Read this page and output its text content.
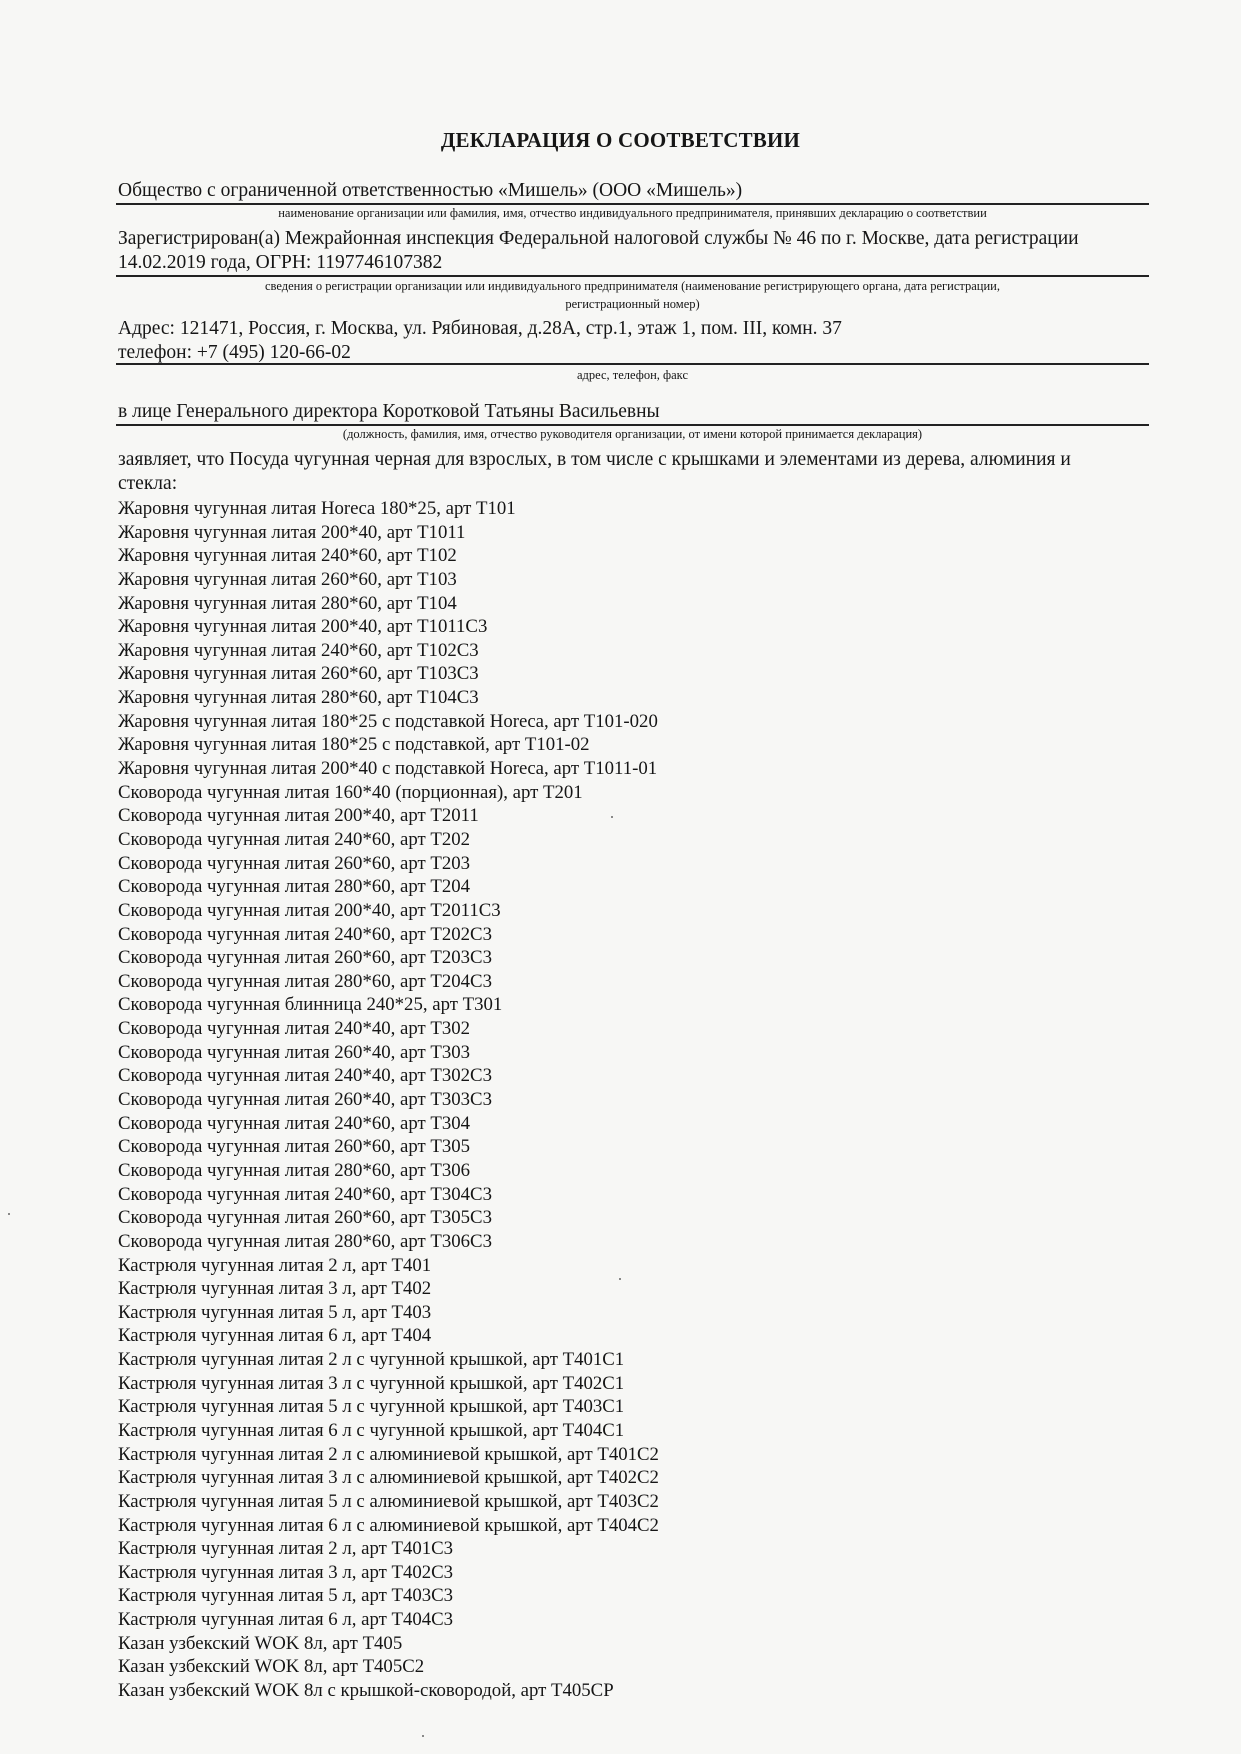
ДЕКЛАРАЦИЯ О СООТВЕТСТВИИ
Общество с ограниченной ответственностью «Мишель» (ООО «Мишель»)
наименование организации или фамилия, имя, отчество индивидуального предпринимателя, принявших декларацию о соответствии
Зарегистрирован(а) Межрайонная инспекция Федеральной налоговой службы № 46 по г. Москве, дата регистрации
14.02.2019 года, ОГРН: 1197746107382
сведения о регистрации организации или индивидуального предпринимателя (наименование регистрирующего органа, дата регистрации,
регистрационный номер)
Адрес: 121471, Россия, г. Москва, ул. Рябиновая, д.28А, стр.1, этаж 1, пом. III, комн. 37
телефон: +7 (495) 120-66-02
адрес, телефон, факс
в лице Генерального директора Коротковой Татьяны Васильевны
(должность, фамилия, имя, отчество руководителя организации, от имени которой принимается декларация)
заявляет, что Посуда чугунная черная для взрослых, в том числе с крышками и элементами из дерева, алюминия и
стекла:
Жаровня чугунная литая Horeca 180*25, арт T101
Жаровня чугунная литая 200*40, арт T1011
Жаровня чугунная литая 240*60, арт T102
Жаровня чугунная литая 260*60, арт T103
Жаровня чугунная литая 280*60, арт T104
Жаровня чугунная литая 200*40, арт T1011C3
Жаровня чугунная литая 240*60, арт T102C3
Жаровня чугунная литая 260*60, арт T103C3
Жаровня чугунная литая 280*60, арт T104C3
Жаровня чугунная литая 180*25 с подставкой Horeca, арт T101-020
Жаровня чугунная литая 180*25 с подставкой, арт T101-02
Жаровня чугунная литая 200*40 с подставкой Horeca, арт T1011-01
Сковорода чугунная литая 160*40 (порционная), арт T201
Сковорода чугунная литая 200*40, арт T2011
Сковорода чугунная литая 240*60, арт T202
Сковорода чугунная литая 260*60, арт T203
Сковорода чугунная литая 280*60, арт T204
Сковорода чугунная литая 200*40, арт T2011C3
Сковорода чугунная литая 240*60, арт T202C3
Сковорода чугунная литая 260*60, арт T203C3
Сковорода чугунная литая 280*60, арт T204C3
Сковорода чугунная блинница 240*25, арт T301
Сковорода чугунная литая 240*40, арт T302
Сковорода чугунная литая 260*40, арт T303
Сковорода чугунная литая 240*40, арт T302C3
Сковорода чугунная литая 260*40, арт T303C3
Сковорода чугунная литая 240*60, арт T304
Сковорода чугунная литая 260*60, арт T305
Сковорода чугунная литая 280*60, арт T306
Сковорода чугунная литая 240*60, арт T304C3
Сковорода чугунная литая 260*60, арт T305C3
Сковорода чугунная литая 280*60, арт T306C3
Кастрюля чугунная литая 2 л, арт T401
Кастрюля чугунная литая 3 л, арт T402
Кастрюля чугунная литая 5 л, арт T403
Кастрюля чугунная литая 6 л, арт T404
Кастрюля чугунная литая 2 л с чугунной крышкой, арт T401C1
Кастрюля чугунная литая 3 л с чугунной крышкой, арт T402C1
Кастрюля чугунная литая 5 л с чугунной крышкой, арт T403C1
Кастрюля чугунная литая 6 л с чугунной крышкой, арт T404C1
Кастрюля чугунная литая 2 л с алюминиевой крышкой, арт T401C2
Кастрюля чугунная литая 3 л с алюминиевой крышкой, арт T402C2
Кастрюля чугунная литая 5 л с алюминиевой крышкой, арт T403C2
Кастрюля чугунная литая 6 л с алюминиевой крышкой, арт T404C2
Кастрюля чугунная литая 2 л, арт T401C3
Кастрюля чугунная литая 3 л, арт T402C3
Кастрюля чугунная литая 5 л, арт T403C3
Кастрюля чугунная литая 6 л, арт T404C3
Казан узбекский WOK 8л, арт T405
Казан узбекский WOK 8л, арт T405C2
Казан узбекский WOK 8л с крышкой-сковородой, арт T405CP
